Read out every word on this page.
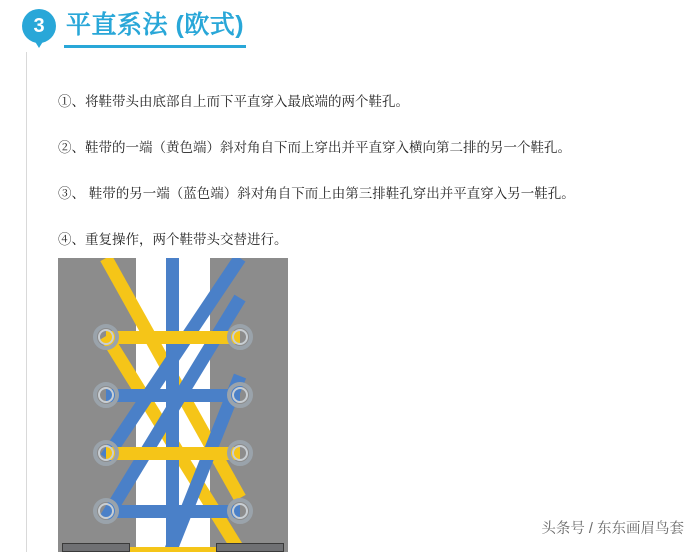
3 平直系法 (欧式)
①、将鞋带头由底部自上而下平直穿入最底端的两个鞋孔。
②、鞋带的一端（黄色端）斜对角自下而上穿出并平直穿入横向第二排的另一个鞋孔。
③、 鞋带的另一端（蓝色端）斜对角自下而上由第三排鞋孔穿出并平直穿入另一鞋孔。
④、重复操作，两个鞋带头交替进行。
头条号 / 东东画眉鸟套
